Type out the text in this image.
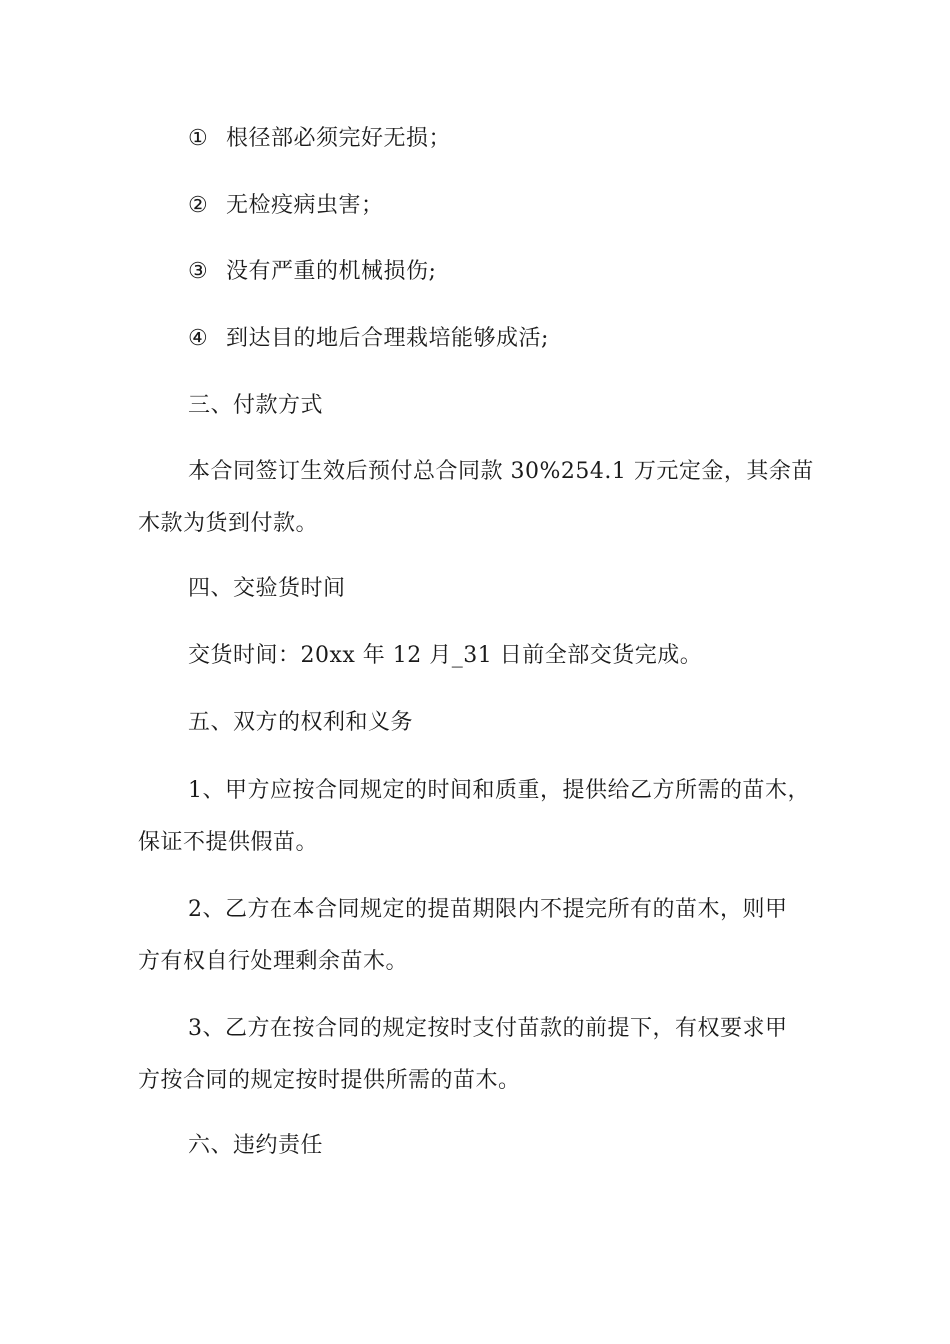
① 根径部必须完好无损；
② 无检疫病虫害；
③ 没有严重的机械损伤;
④ 到达目的地后合理栽培能够成活;
三、付款方式
本合同签订生效后预付总合同款 30%254.1 万元定金，其余苗
木款为货到付款。
四、交验货时间
交货时间：20xx 年 12 月_31 日前全部交货完成。
五、双方的权利和义务
1、甲方应按合同规定的时间和质重，提供给乙方所需的苗木，
保证不提供假苗。
2、乙方在本合同规定的提苗期限内不提完所有的苗木，则甲
方有权自行处理剩余苗木。
3、乙方在按合同的规定按时支付苗款的前提下，有权要求甲
方按合同的规定按时提供所需的苗木。
六、违约责任
